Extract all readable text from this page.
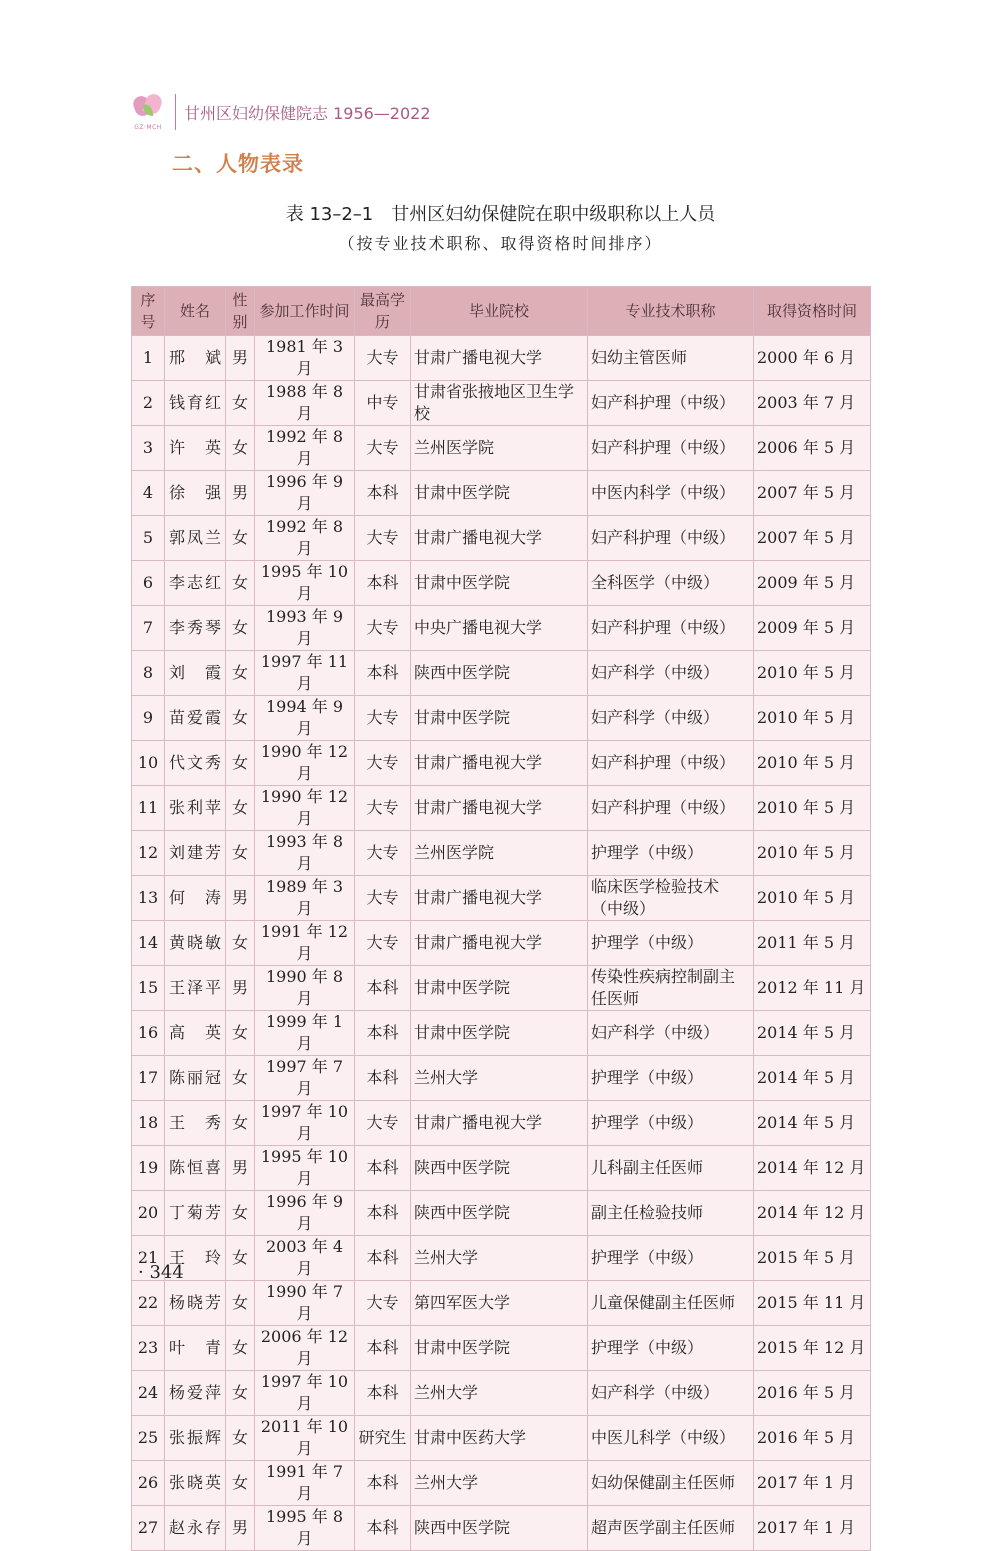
GZ·MCH
甘州区妇幼保健院志 1956—2022
二、人物表录
表 13–2–1　甘州区妇幼保健院在职中级职称以上人员
（按专业技术职称、取得资格时间排序）
序号	姓名	性别	参加工作时间	最高学历	毕业院校	专业技术职称	取得资格时间
1	邢　斌	男	1981 年 3 月	大专	甘肃广播电视大学	妇幼主管医师	2000 年 6 月
2	钱育红	女	1988 年 8 月	中专	甘肃省张掖地区卫生学校	妇产科护理（中级）	2003 年 7 月
3	许　英	女	1992 年 8 月	大专	兰州医学院	妇产科护理（中级）	2006 年 5 月
4	徐　强	男	1996 年 9 月	本科	甘肃中医学院	中医内科学（中级）	2007 年 5 月
5	郭凤兰	女	1992 年 8 月	大专	甘肃广播电视大学	妇产科护理（中级）	2007 年 5 月
6	李志红	女	1995 年 10 月	本科	甘肃中医学院	全科医学（中级）	2009 年 5 月
7	李秀琴	女	1993 年 9 月	大专	中央广播电视大学	妇产科护理（中级）	2009 年 5 月
8	刘　霞	女	1997 年 11 月	本科	陕西中医学院	妇产科学（中级）	2010 年 5 月
9	苗爱霞	女	1994 年 9 月	大专	甘肃中医学院	妇产科学（中级）	2010 年 5 月
10	代文秀	女	1990 年 12 月	大专	甘肃广播电视大学	妇产科护理（中级）	2010 年 5 月
11	张利苹	女	1990 年 12 月	大专	甘肃广播电视大学	妇产科护理（中级）	2010 年 5 月
12	刘建芳	女	1993 年 8 月	大专	兰州医学院	护理学（中级）	2010 年 5 月
13	何　涛	男	1989 年 3 月	大专	甘肃广播电视大学	临床医学检验技术（中级）	2010 年 5 月
14	黄晓敏	女	1991 年 12 月	大专	甘肃广播电视大学	护理学（中级）	2011 年 5 月
15	王泽平	男	1990 年 8 月	本科	甘肃中医学院	传染性疾病控制副主任医师	2012 年 11 月
16	高　英	女	1999 年 1 月	本科	甘肃中医学院	妇产科学（中级）	2014 年 5 月
17	陈丽冠	女	1997 年 7 月	本科	兰州大学	护理学（中级）	2014 年 5 月
18	王　秀	女	1997 年 10 月	大专	甘肃广播电视大学	护理学（中级）	2014 年 5 月
19	陈恒喜	男	1995 年 10 月	本科	陕西中医学院	儿科副主任医师	2014 年 12 月
20	丁菊芳	女	1996 年 9 月	本科	陕西中医学院	副主任检验技师	2014 年 12 月
21	王　玲	女	2003 年 4 月	本科	兰州大学	护理学（中级）	2015 年 5 月
22	杨晓芳	女	1990 年 7 月	大专	第四军医大学	儿童保健副主任医师	2015 年 11 月
23	叶　青	女	2006 年 12 月	本科	甘肃中医学院	护理学（中级）	2015 年 12 月
24	杨爱萍	女	1997 年 10 月	本科	兰州大学	妇产科学（中级）	2016 年 5 月
25	张振辉	女	2011 年 10 月	研究生	甘肃中医药大学	中医儿科学（中级）	2016 年 5 月
26	张晓英	女	1991 年 7 月	本科	兰州大学	妇幼保健副主任医师	2017 年 1 月
27	赵永存	男	1995 年 8 月	本科	陕西中医学院	超声医学副主任医师	2017 年 1 月
· 344
